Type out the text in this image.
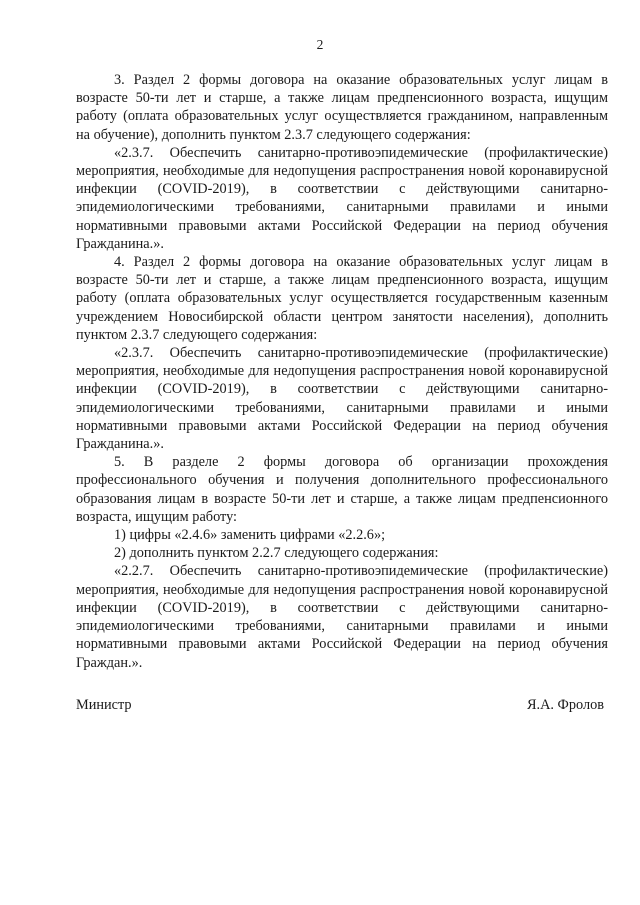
2

3. Раздел 2 формы договора на оказание образовательных услуг лицам в возрасте 50-ти лет и старше, а также лицам предпенсионного возраста, ищущим работу (оплата образовательных услуг осуществляется гражданином, направленным на обучение), дополнить пунктом 2.3.7 следующего содержания:

«2.3.7. Обеспечить санитарно-противоэпидемические (профилактические) мероприятия, необходимые для недопущения распространения новой коронавирусной инфекции (COVID-2019), в соответствии с действующими санитарно-эпидемиологическими требованиями, санитарными правилами и иными нормативными правовыми актами Российской Федерации на период обучения Гражданина.».

4. Раздел 2 формы договора на оказание образовательных услуг лицам в возрасте 50-ти лет и старше, а также лицам предпенсионного возраста, ищущим работу (оплата образовательных услуг осуществляется государственным казенным учреждением Новосибирской области центром занятости населения), дополнить пунктом 2.3.7 следующего содержания:

«2.3.7. Обеспечить санитарно-противоэпидемические (профилактические) мероприятия, необходимые для недопущения распространения новой коронавирусной инфекции (COVID-2019), в соответствии с действующими санитарно-эпидемиологическими требованиями, санитарными правилами и иными нормативными правовыми актами Российской Федерации на период обучения Гражданина.».

5. В разделе 2 формы договора об организации прохождения профессионального обучения и получения дополнительного профессионального образования лицам в возрасте 50-ти лет и старше, а также лицам предпенсионного возраста, ищущим работу:

1) цифры «2.4.6» заменить цифрами «2.2.6»;

2) дополнить пунктом 2.2.7 следующего содержания:

«2.2.7. Обеспечить санитарно-противоэпидемические (профилактические) мероприятия, необходимые для недопущения распространения новой коронавирусной инфекции (COVID-2019), в соответствии с действующими санитарно-эпидемиологическими требованиями, санитарными правилами и иными нормативными правовыми актами Российской Федерации на период обучения Граждан.».

Министр	Я.А. Фролов
